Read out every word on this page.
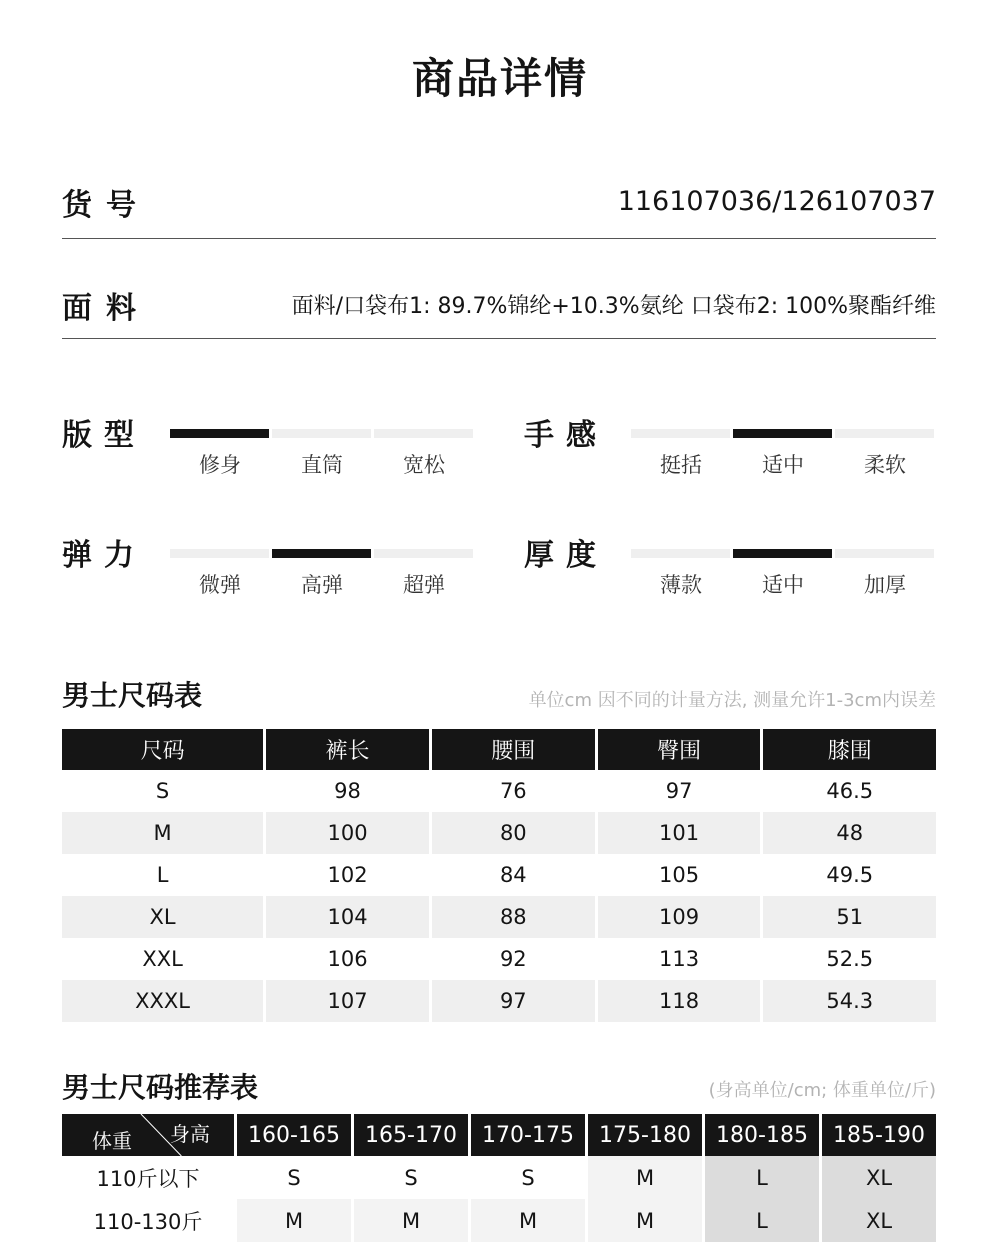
商品详情
货号	116107036/126107037
面料	面料/口袋布1: 89.7%锦纶+10.3%氨纶 口袋布2: 100%聚酯纤维
版型
修身	直筒	宽松
手感
挺括	适中	柔软
弹力
微弹	高弹	超弹
厚度
薄款	适中	加厚
男士尺码表	单位cm 因不同的计量方法, 测量允许1-3cm内误差
尺码	裤长	腰围	臀围	膝围
S	98	76	97	46.5
M	100	80	101	48
L	102	84	105	49.5
XL	104	88	109	51
XXL	106	92	113	52.5
XXXL	107	97	118	54.3
男士尺码推荐表	(身高单位/cm; 体重单位/斤)
身高
体重	160-165	165-170	170-175	175-180	180-185	185-190
110斤以下	S	S	S	M	L	XL
110-130斤	M	M	M	M	L	XL
